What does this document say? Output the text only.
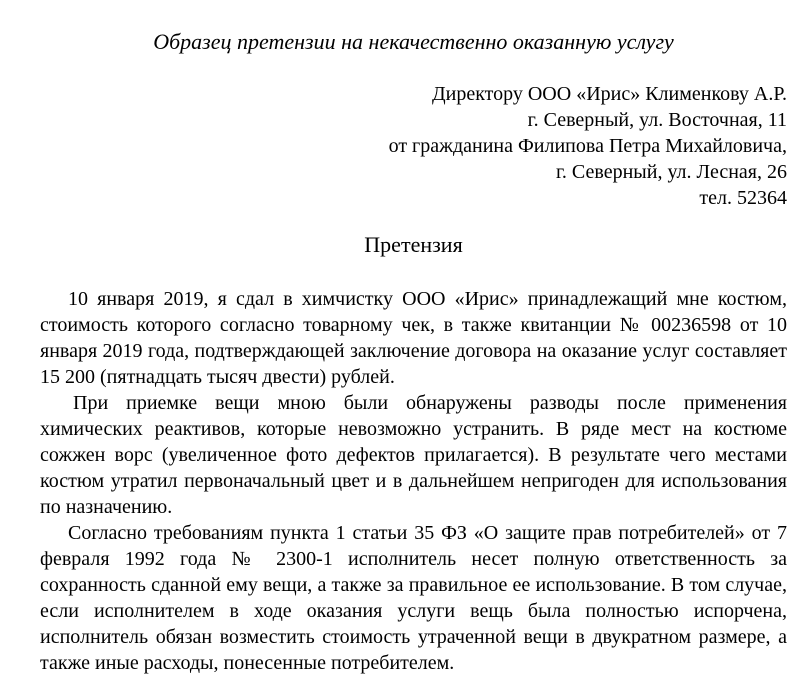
Образец претензии на некачественно оказанную услугу
Директору ООО «Ирис» Клименкову А.Р.
г. Северный, ул. Восточная, 11
от гражданина Филипова Петра Михайловича,
г. Северный, ул. Лесная, 26
тел. 52364
Претензия

10 января 2019, я сдал в химчистку ООО «Ирис» принадлежащий мне костюм, стоимость которого согласно товарному чек, в также квитанции № 00236598 от 10 января 2019 года, подтверждающей заключение договора на оказание услуг составляет 15 200 (пятнадцать тысяч двести) рублей.

При приемке вещи мною были обнаружены разводы после применения химических реактивов, которые невозможно устранить. В ряде мест на костюме сожжен ворс (увеличенное фото дефектов прилагается). В результате чего местами костюм утратил первоначальный цвет и в дальнейшем непригоден для использования по назначению.

Согласно требованиям пункта 1 статьи 35 ФЗ «О защите прав потребителей» от 7 февраля 1992 года № 2300-1 исполнитель несет полную ответственность за сохранность сданной ему вещи, а также за правильное ее использование. В том случае, если исполнителем в ходе оказания услуги вещь была полностью испорчена, исполнитель обязан возместить стоимость утраченной вещи в двукратном размере, а также иные расходы, понесенные потребителем.
